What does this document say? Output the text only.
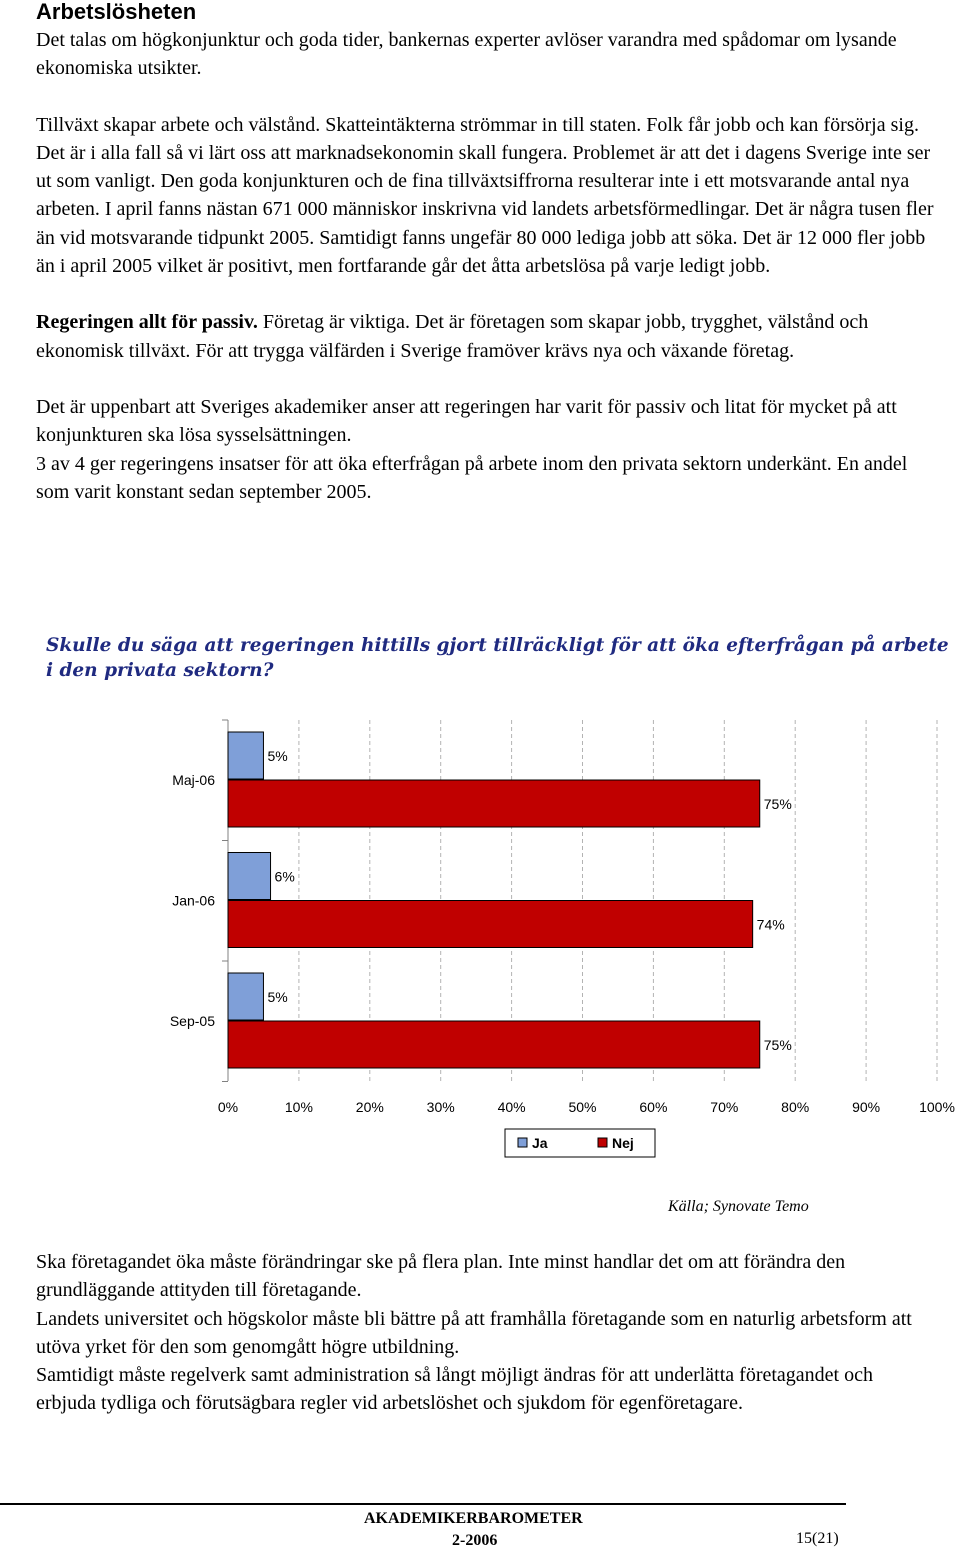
Arbetslösheten

Det talas om högkonjunktur och goda tider, bankernas experter avlöser varandra med spådomar om lysande ekonomiska utsikter.

Tillväxt skapar arbete och välstånd. Skatteintäkterna strömmar in till staten. Folk får jobb och kan försörja sig. Det är i alla fall så vi lärt oss att marknadsekonomin skall fungera. Problemet är att det i dagens Sverige inte ser ut som vanligt. Den goda konjunkturen och de fina tillväxtsiffrorna resulterar inte i ett motsvarande antal nya arbeten. I april fanns nästan 671 000 människor inskrivna vid landets arbetsförmedlingar. Det är några tusen fler än vid motsvarande tidpunkt 2005. Samtidigt fanns ungefär 80 000 lediga jobb att söka. Det är 12 000 fler jobb än i april 2005 vilket är positivt, men fortfarande går det åtta arbetslösa på varje ledigt jobb.

Regeringen allt för passiv. Företag är viktiga. Det är företagen som skapar jobb, trygghet, välstånd och ekonomisk tillväxt. För att trygga välfärden i Sverige framöver krävs nya och växande företag.

Det är uppenbart att Sveriges akademiker anser att regeringen har varit för passiv och litat för mycket på att konjunkturen ska lösa sysselsättningen.

3 av 4 ger regeringens insatser för att öka efterfrågan på arbete inom den privata sektorn underkänt. En andel som varit konstant sedan september 2005.

Skulle du säga att regeringen hittills gjort tillräckligt för att öka efterfrågan på arbete i den privata sektorn?
Maj-06
5%
75%
Jan-06
6%
74%
Sep-05
5%
75%
0%	10%	20%	30%	40%	50%	60%	70%	80%	90%	100%
Ja	Nej
Källa; Synovate Temo

Ska företagandet öka måste förändringar ske på flera plan. Inte minst handlar det om att förändra den grundläggande attityden till företagande.

Landets universitet och högskolor måste bli bättre på att framhålla företagande som en naturlig arbetsform att utöva yrket för den som genomgått högre utbildning.

Samtidigt måste regelverk samt administration så långt möjligt ändras för att underlätta företagandet och erbjuda tydliga och förutsägbara regler vid arbetslöshet och sjukdom för egenföretagare.

AKADEMIKERBAROMETER
2-2006	15(21)
